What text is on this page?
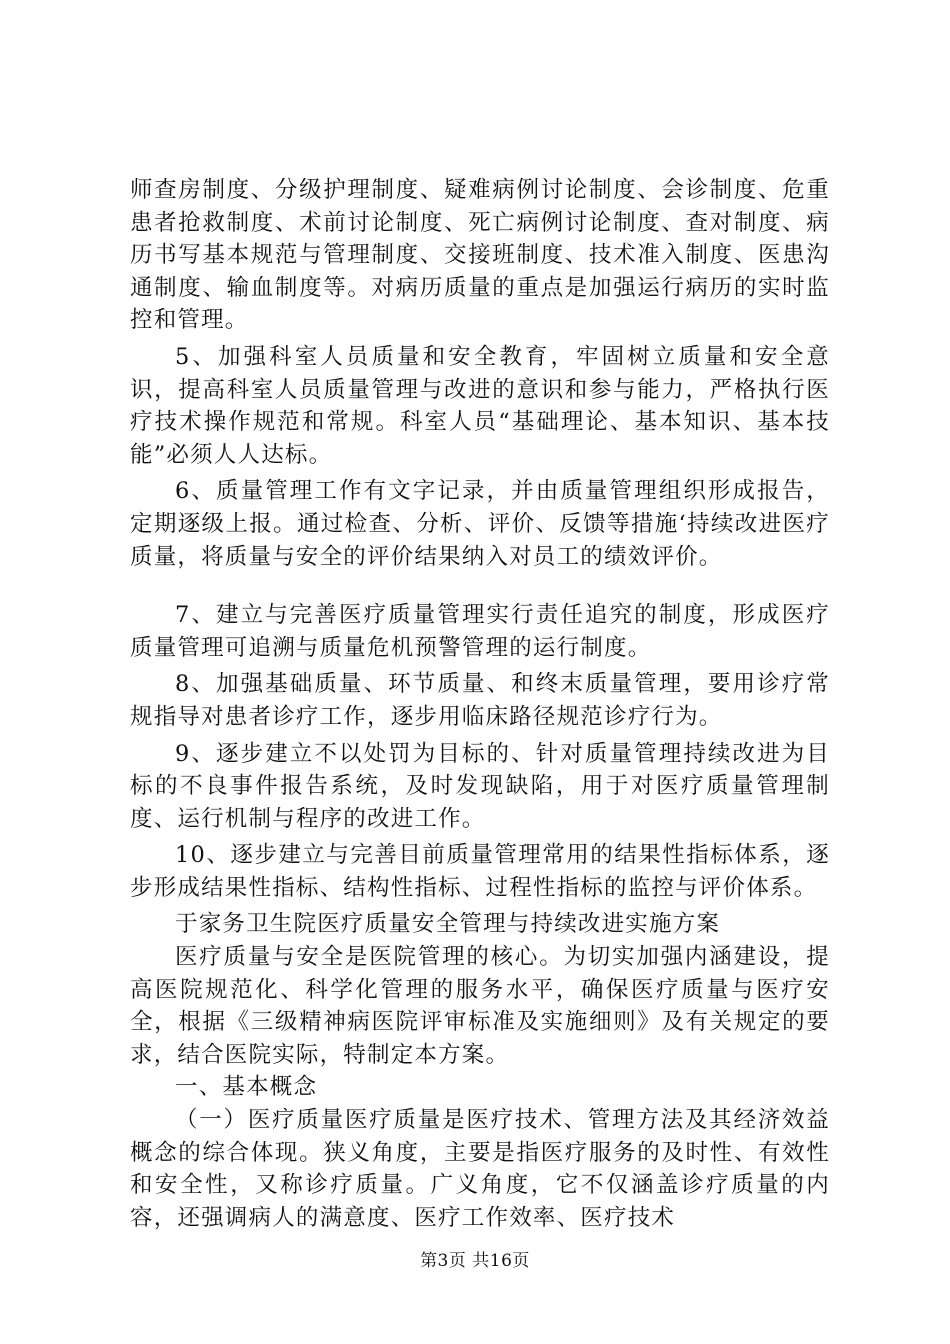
师查房制度、分级护理制度、疑难病例讨论制度、会诊制度、危重患者抢救制度、术前讨论制度、死亡病例讨论制度、查对制度、病历书写基本规范与管理制度、交接班制度、技术准入制度、医患沟通制度、输血制度等。对病历质量的重点是加强运行病历的实时监控和管理。

5、加强科室人员质量和安全教育，牢固树立质量和安全意识，提高科室人员质量管理与改进的意识和参与能力，严格执行医疗技术操作规范和常规。科室人员“基础理论、基本知识、基本技能”必须人人达标。

6、质量管理工作有文字记录，并由质量管理组织形成报告，定期逐级上报。通过检查、分析、评价、反馈等措施‘持续改进医疗质量，将质量与安全的评价结果纳入对员工的绩效评价。

7、建立与完善医疗质量管理实行责任追究的制度，形成医疗质量管理可追溯与质量危机预警管理的运行制度。

8、加强基础质量、环节质量、和终末质量管理，要用诊疗常规指导对患者诊疗工作，逐步用临床路径规范诊疗行为。

9、逐步建立不以处罚为目标的、针对质量管理持续改进为目标的不良事件报告系统，及时发现缺陷，用于对医疗质量管理制度、运行机制与程序的改进工作。

10、逐步建立与完善目前质量管理常用的结果性指标体系，逐步形成结果性指标、结构性指标、过程性指标的监控与评价体系。

于家务卫生院医疗质量安全管理与持续改进实施方案

医疗质量与安全是医院管理的核心。为切实加强内涵建设，提高医院规范化、科学化管理的服务水平，确保医疗质量与医疗安全，根据《三级精神病医院评审标准及实施细则》及有关规定的要求，结合医院实际，特制定本方案。

一、基本概念

（一）医疗质量医疗质量是医疗技术、管理方法及其经济效益概念的综合体现。狭义角度，主要是指医疗服务的及时性、有效性和安全性，又称诊疗质量。广义角度，它不仅涵盖诊疗质量的内容，还强调病人的满意度、医疗工作效率、医疗技术

第3页 共16页
